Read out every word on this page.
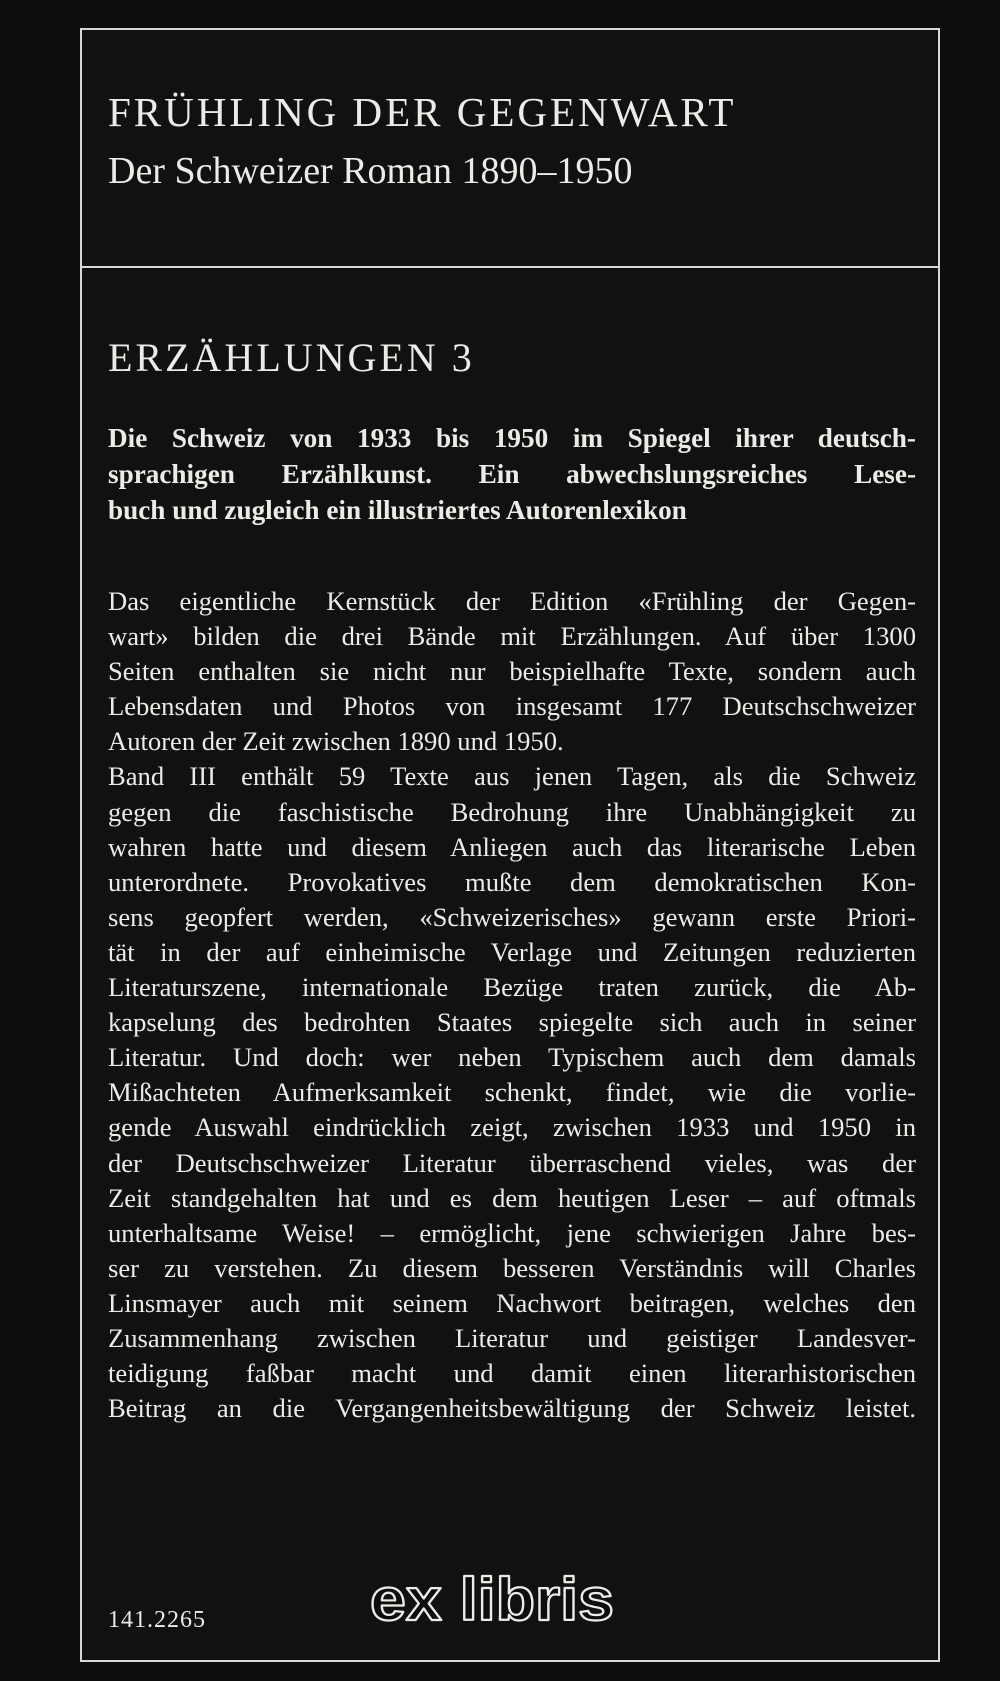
FRÜHLING DER GEGENWART
Der Schweizer Roman 1890–1950
ERZÄHLUNGEN 3
Die Schweiz von 1933 bis 1950 im Spiegel ihrer deutsch-
sprachigen Erzählkunst. Ein abwechslungsreiches Lese-
buch und zugleich ein illustriertes Autorenlexikon
Das eigentliche Kernstück der Edition «Frühling der Gegen-
wart» bilden die drei Bände mit Erzählungen. Auf über 1300
Seiten enthalten sie nicht nur beispielhafte Texte, sondern auch
Lebensdaten und Photos von insgesamt 177 Deutschschweizer
Autoren der Zeit zwischen 1890 und 1950.
Band III enthält 59 Texte aus jenen Tagen, als die Schweiz
gegen die faschistische Bedrohung ihre Unabhängigkeit zu
wahren hatte und diesem Anliegen auch das literarische Leben
unterordnete. Provokatives mußte dem demokratischen Kon-
sens geopfert werden, «Schweizerisches» gewann erste Priori-
tät in der auf einheimische Verlage und Zeitungen reduzierten
Literaturszene, internationale Bezüge traten zurück, die Ab-
kapselung des bedrohten Staates spiegelte sich auch in seiner
Literatur. Und doch: wer neben Typischem auch dem damals
Mißachteten Aufmerksamkeit schenkt, findet, wie die vorlie-
gende Auswahl eindrücklich zeigt, zwischen 1933 und 1950 in
der Deutschschweizer Literatur überraschend vieles, was der
Zeit standgehalten hat und es dem heutigen Leser – auf oftmals
unterhaltsame Weise! – ermöglicht, jene schwierigen Jahre bes-
ser zu verstehen. Zu diesem besseren Verständnis will Charles
Linsmayer auch mit seinem Nachwort beitragen, welches den
Zusammenhang zwischen Literatur und geistiger Landesver-
teidigung faßbar macht und damit einen literarhistorischen
Beitrag an die Vergangenheitsbewältigung der Schweiz leistet.
141.2265	ex libris
